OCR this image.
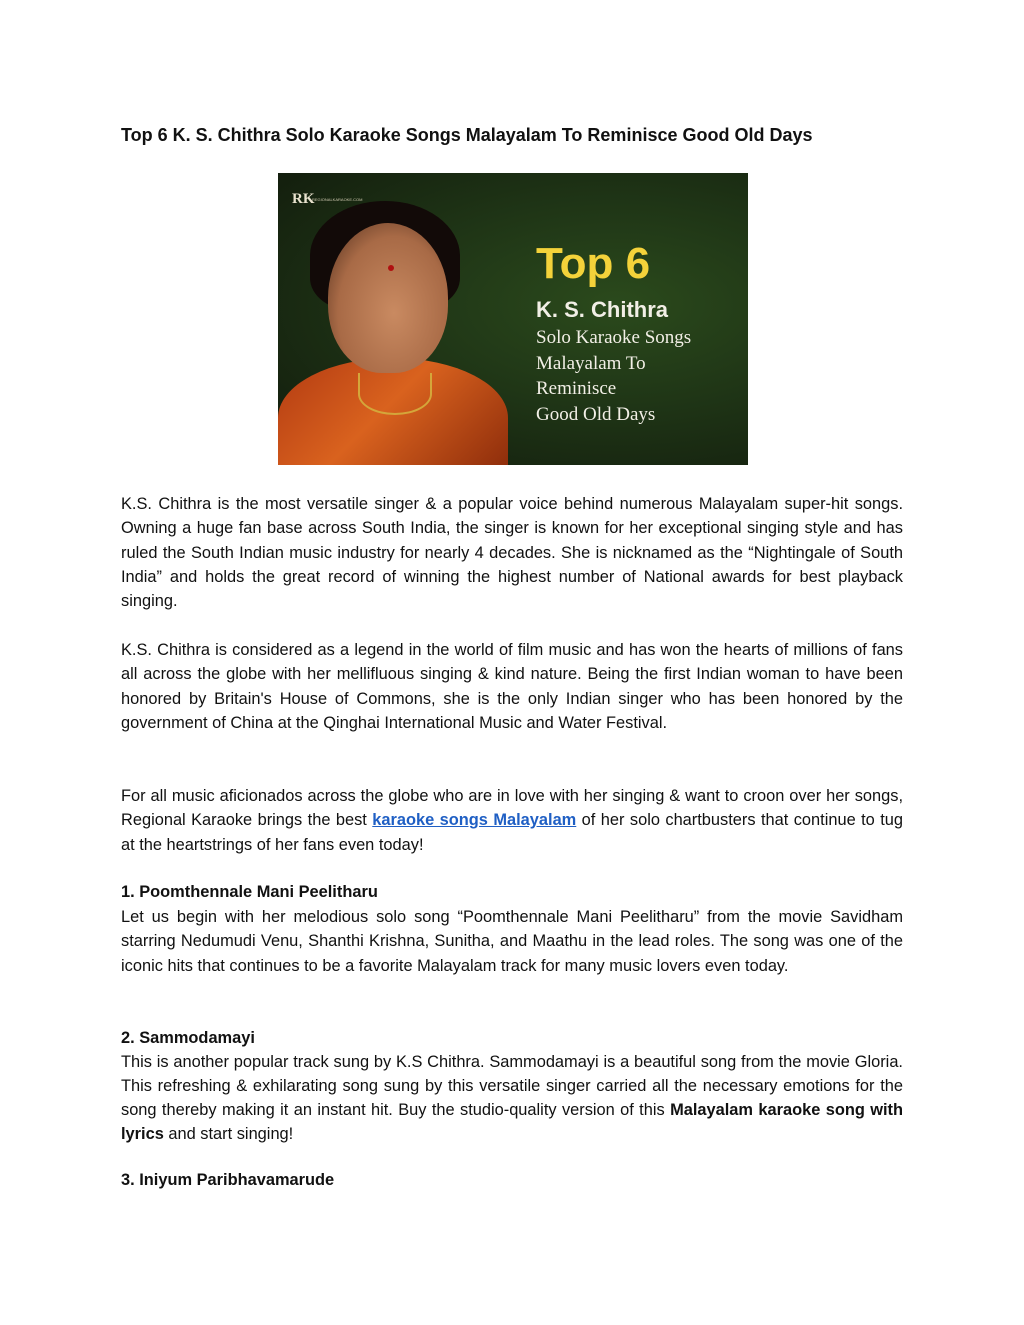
Top 6 K. S. Chithra Solo Karaoke Songs Malayalam To Reminisce Good Old Days
RK
REGIONALKARAOKE.COM
Top 6
K. S. Chithra
Solo Karaoke Songs
Malayalam To
Reminisce
Good Old Days

K.S. Chithra is the most versatile singer & a popular voice behind numerous Malayalam super-hit songs. Owning a huge fan base across South India, the singer is known for her exceptional singing style and has ruled the South Indian music industry for nearly 4 decades. She is nicknamed as the “Nightingale of South India” and holds the great record of winning the highest number of National awards for best playback singing.

K.S. Chithra is considered as a legend in the world of film music and has won the hearts of millions of fans all across the globe with her mellifluous singing & kind nature. Being the first Indian woman to have been honored by Britain's House of Commons, she is the only Indian singer who has been honored by the government of China at the Qinghai International Music and Water Festival.

For all music aficionados across the globe who are in love with her singing & want to croon over her songs, Regional Karaoke brings the best karaoke songs Malayalam of her solo chartbusters that continue to tug at the heartstrings of her fans even today!

1. Poomthennale Mani Peelitharu

Let us begin with her melodious solo song “Poomthennale Mani Peelitharu” from the movie Savidham starring Nedumudi Venu, Shanthi Krishna, Sunitha, and Maathu in the lead roles. The song was one of the iconic hits that continues to be a favorite Malayalam track for many music lovers even today.

2. Sammodamayi

This is another popular track sung by K.S Chithra. Sammodamayi is a beautiful song from the movie Gloria. This refreshing & exhilarating song sung by this versatile singer carried all the necessary emotions for the song thereby making it an instant hit. Buy the studio-quality version of this Malayalam karaoke song with lyrics and start singing!

3. Iniyum Paribhavamarude
